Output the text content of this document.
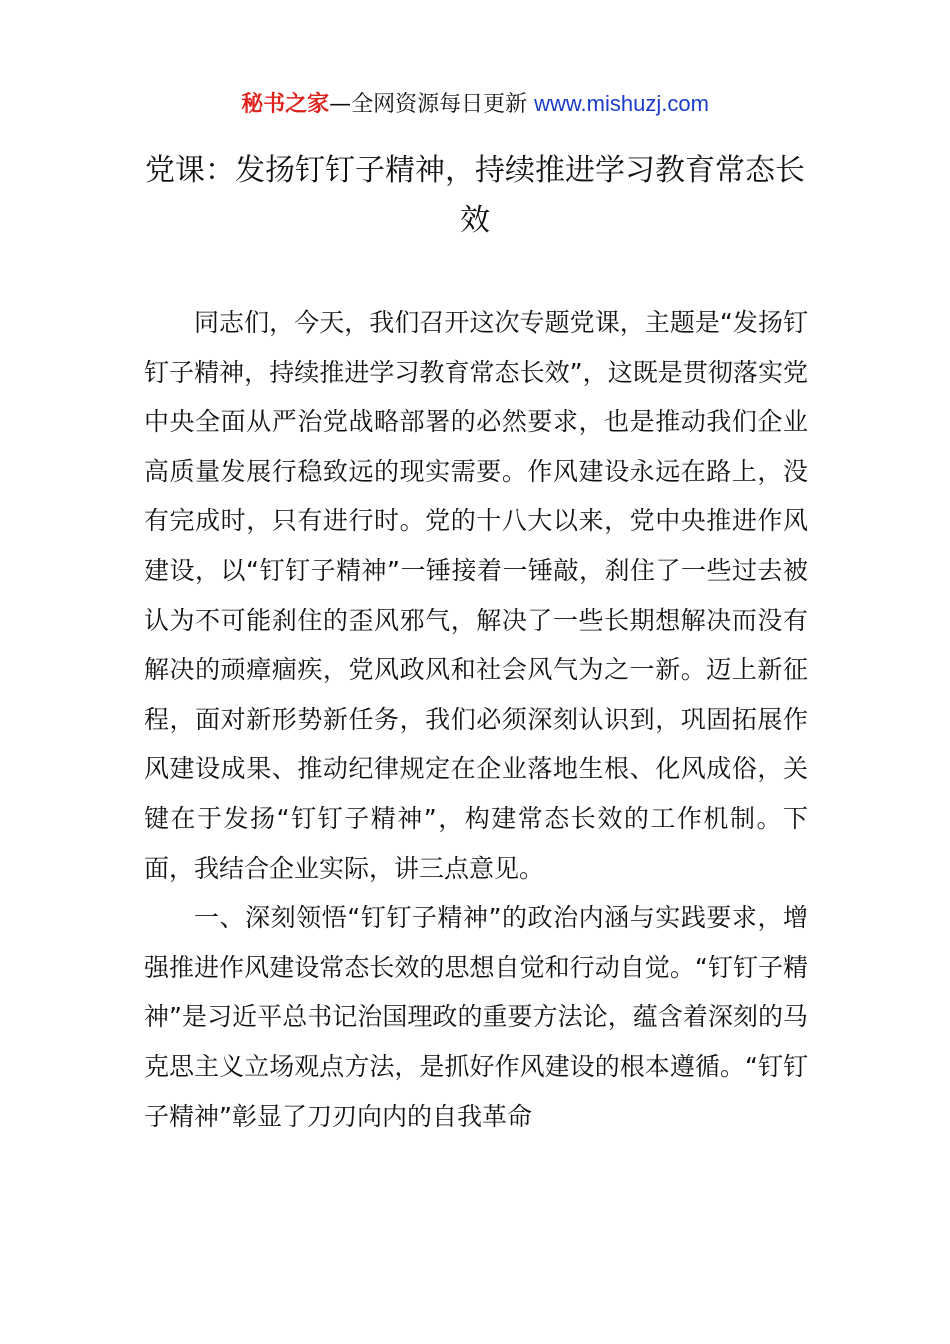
秘书之家—全网资源每日更新 www.mishuzj.com
党课：发扬钉钉子精神，持续推进学习教育常态长效

同志们，今天，我们召开这次专题党课，主题是“发扬钉钉子精神，持续推进学习教育常态长效”，这既是贯彻落实党中央全面从严治党战略部署的必然要求，也是推动我们企业高质量发展行稳致远的现实需要。作风建设永远在路上，没有完成时，只有进行时。党的十八大以来，党中央推进作风建设，以“钉钉子精神”一锤接着一锤敲，刹住了一些过去被认为不可能刹住的歪风邪气，解决了一些长期想解决而没有解决的顽瘴痼疾，党风政风和社会风气为之一新。迈上新征程，面对新形势新任务，我们必须深刻认识到，巩固拓展作风建设成果、推动纪律规定在企业落地生根、化风成俗，关键在于发扬“钉钉子精神”，构建常态长效的工作机制。下面，我结合企业实际，讲三点意见。

一、深刻领悟“钉钉子精神”的政治内涵与实践要求，增强推进作风建设常态长效的思想自觉和行动自觉。“钉钉子精神”是习近平总书记治国理政的重要方法论，蕴含着深刻的马克思主义立场观点方法，是抓好作风建设的根本遵循。“钉钉子精神”彰显了刀刃向内的自我革命
